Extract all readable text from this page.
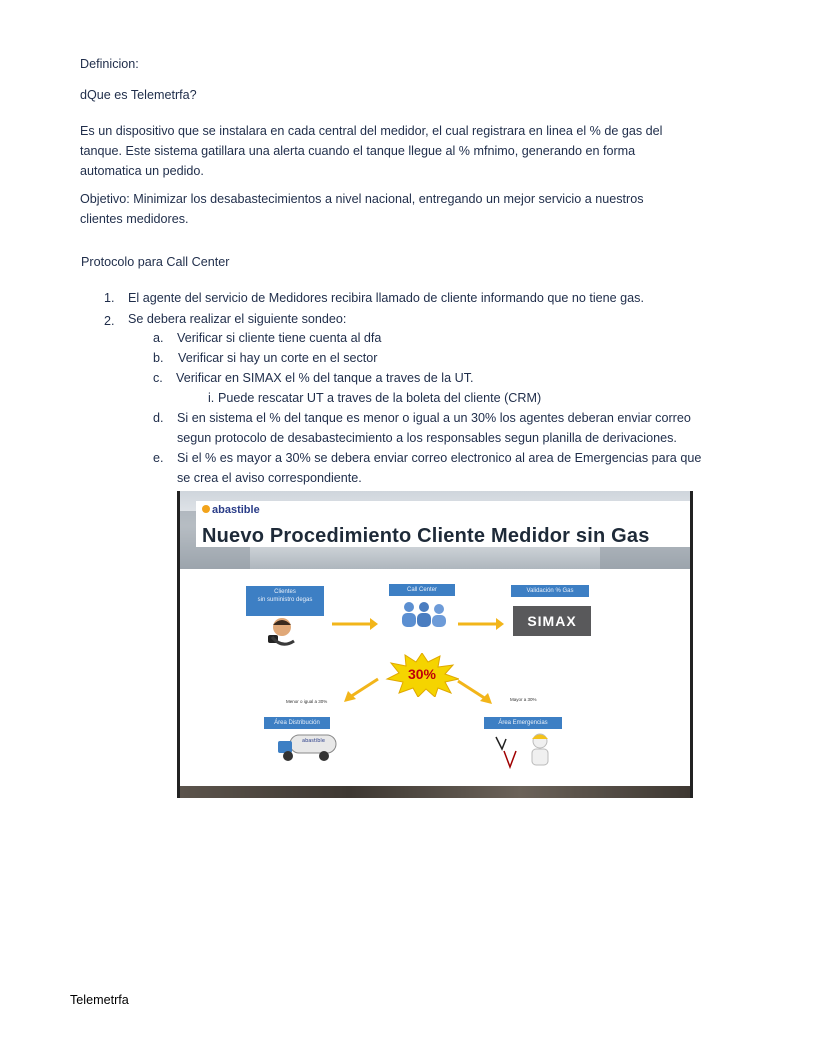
Definicion:

dQue es Telemetrfa?

Es un dispositivo que se instalara en cada central del medidor, el cual registrara en linea el % de gas del
tanque. Este sistema gatillara una alerta cuando el tanque llegue al % mfnimo, generando en forma
automatica un pedido.
Objetivo: Minimizar los desabastecimientos a nivel nacional, entregando un mejor servicio a nuestros
clientes medidores.

Protocolo para Call Center

1.	El agente del servicio de Medidores recibira llamado de cliente informando que no tiene gas.
2.	Se debera realizar el siguiente sondeo:
a.	Verificar si cliente tiene cuenta al dfa
b.	Verificar si hay un corte en el sector
c.	Verificar en SIMAX el % del tanque a traves de la UT.
i. Puede rescatar UT a traves de la boleta del cliente (CRM)
d.	Si en sistema el % del tanque es menor o igual a un 30% los agentes deberan enviar correo
segun protocolo de desabastecimiento a los responsables segun planilla de derivaciones.
e.	Si el % es mayor a 30% se debera enviar correo electronico al area de Emergencias para que
se crea el aviso correspondiente.
abastible
Nuevo Procedimiento Cliente Medidor sin Gas
Clientes
sin suministro degas
Call Center	Validación % Gas
SIMAX
30%
Menor o igual a 30%	Mayor a 30%
Área Distribución
abastible
Área Emergencias
Telemetrfa
